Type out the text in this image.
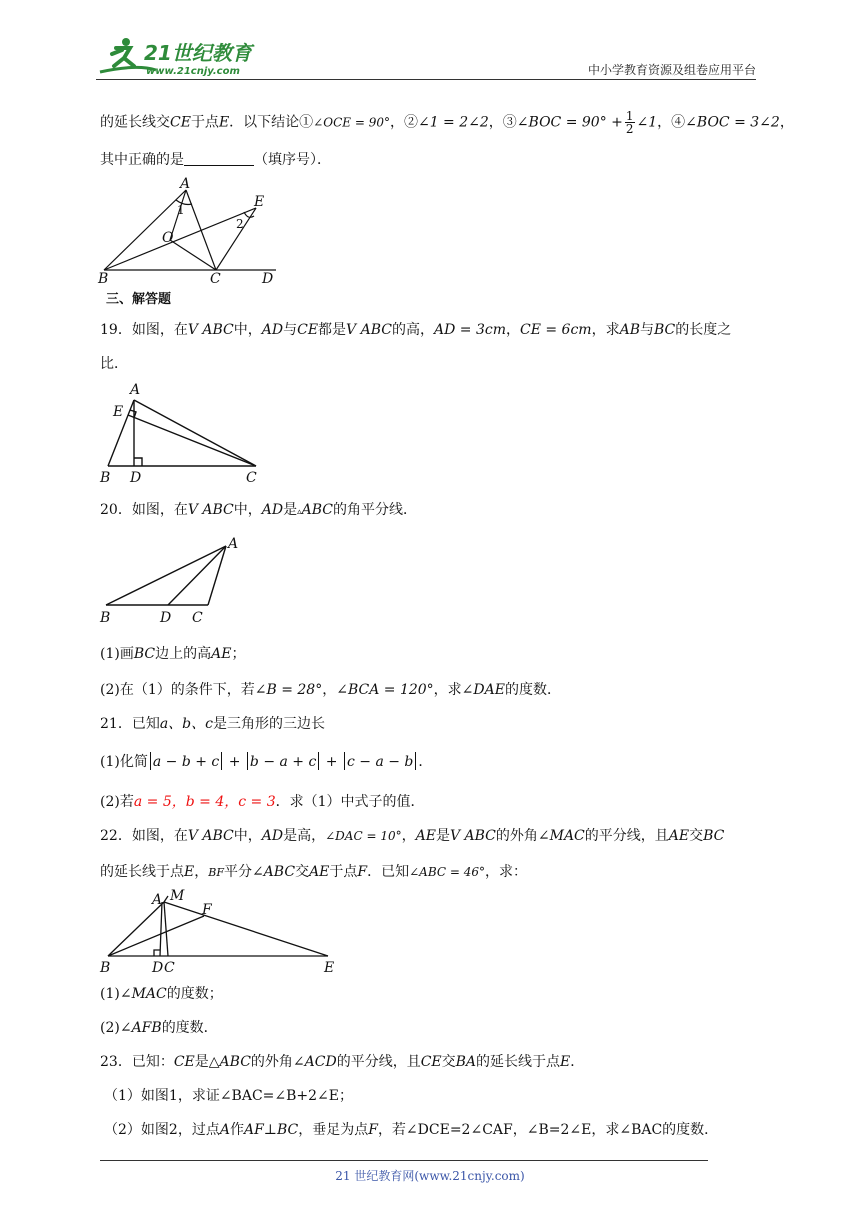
21世纪教育
www.21cnjy.com	中小学教育资源及组卷应用平台
的延长线交CE于点E．以下结论①∠OCE = 90°，②∠1 = 2∠2，③∠BOC = $90^\circ + \frac{1}{2}$ ∠1，④∠BOC = 3∠2，
其中正确的是	（填序号）．
A
B	C	D
E
O
1
2
三、解答题
19．如图，在V ABC中，AD与CE都是V ABC的高，AD = 3cm，CE = 6cm，求AB与BC的长度之
比．
A
B	C
D
E
20．如图，在V ABC中，AD是▵ABC的角平分线．
A
B	D C
(1)画BC边上的高AE；
(2)在（1）的条件下，若∠B = 28°，∠BCA = 120°，求∠DAE的度数．
21．已知a、b、c是三角形的三边长
(1)化简 a − b + c + b − a + c + c − a − b ．
(2)若a = 5，b = 4，c = 3．求（1）中式子的值．
22．如图，在V ABC中，AD是高，∠DAC = 10°，AE是V ABC的外角∠MAC的平分线，且AE交BC
的延长线于点E，BF平分∠ABC交AE于点F．已知∠ABC = 46°，求：
A M
F
B	D C	E
(1)∠MAC的度数；
(2)∠AFB的度数．
23．已知：CE是△ABC的外角∠ACD的平分线，且CE交BA的延长线于点E．
（1）如图1，求证∠BAC=∠B+2∠E；
（2）如图2，过点A作AF⊥BC，垂足为点F，若∠DCE=2∠CAF，∠B=2∠E，求∠BAC的度数．
21 世纪教育网(www.21cnjy.com)
